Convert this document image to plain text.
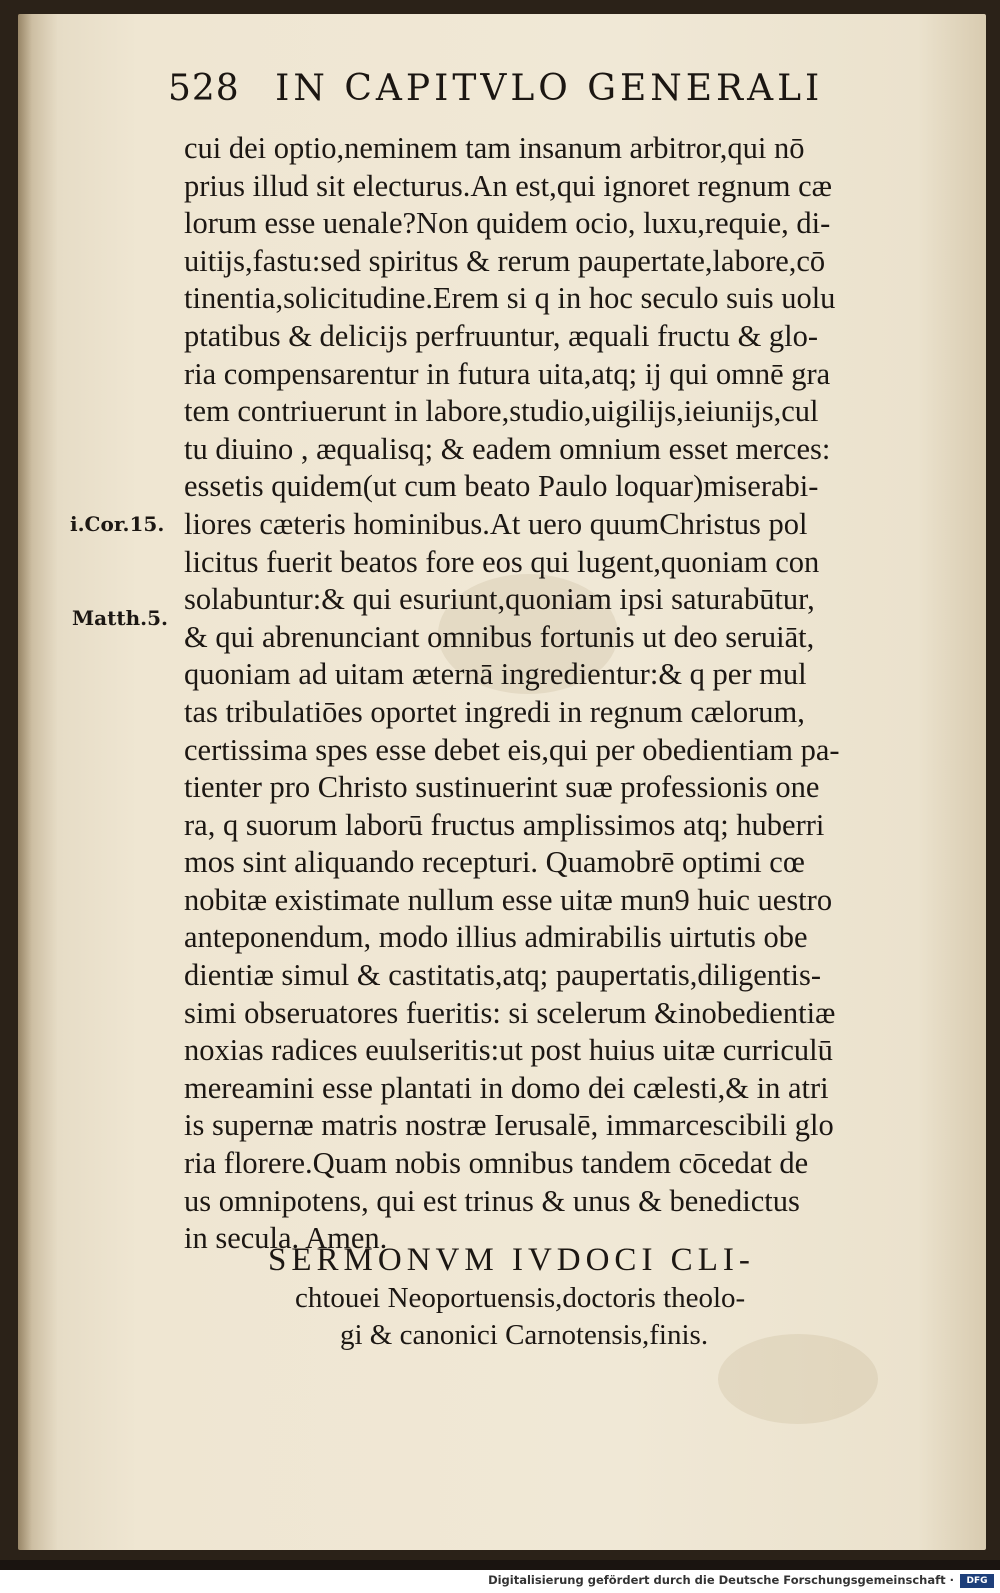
528 IN CAPITVLO GENERALI
cui dei optio,neminem tam insanum arbitror,qui nō
prius illud sit electurus.An est,qui ignoret regnum cæ
lorum esse uenale?Non quidem ocio, luxu,requie, di-
uitijs,fastu:sed spiritus & rerum paupertate,labore,cō
tinentia,solicitudine.Erem si q in hoc seculo suis uolu
ptatibus & delicijs perfruuntur, æquali fructu & glo-
ria compensarentur in futura uita,atq; ij qui omnē gra
tem contriuerunt in labore,studio,uigilijs,ieiunijs,cul
tu diuino , æqualisq; & eadem omnium esset merces:
essetis quidem(ut cum beato Paulo loquar)miserabi-
liores cæteris hominibus.At uero quumChristus pol
licitus fuerit beatos fore eos qui lugent,quoniam con
solabuntur:& qui esuriunt,quoniam ipsi saturabūtur,
& qui abrenunciant omnibus fortunis ut deo seruiāt,
quoniam ad uitam æternā ingredientur:& q per mul
tas tribulatiōes oportet ingredi in regnum cælorum,
certissima spes esse debet eis,qui per obedientiam pa-
tienter pro Christo sustinuerint suæ professionis one
ra, q suorum laborū fructus amplissimos atq; huberri
mos sint aliquando recepturi. Quamobrē optimi cœ
nobitæ existimate nullum esse uitæ mun9 huic uestro
anteponendum, modo illius admirabilis uirtutis obe
dientiæ simul & castitatis,atq; paupertatis,diligentis-
simi obseruatores fueritis: si scelerum &inobedientiæ
noxias radices euulseritis:ut post huius uitæ curriculū
mereamini esse plantati in domo dei cælesti,& in atri
is supernæ matris nostræ Ierusalē, immarcescibili glo
ria florere.Quam nobis omnibus tandem cōcedat de
us omnipotens, qui est trinus & unus & benedictus
in secula. Amen.
i.Cor.15.
Matth.5.
SERMONVM IVDOCI CLI-
chtouei Neoportuensis,doctoris theolo-
gi & canonici Carnotensis,finis.
Digitalisierung gefördert durch die Deutsche Forschungsgemeinschaft ·	DFG
